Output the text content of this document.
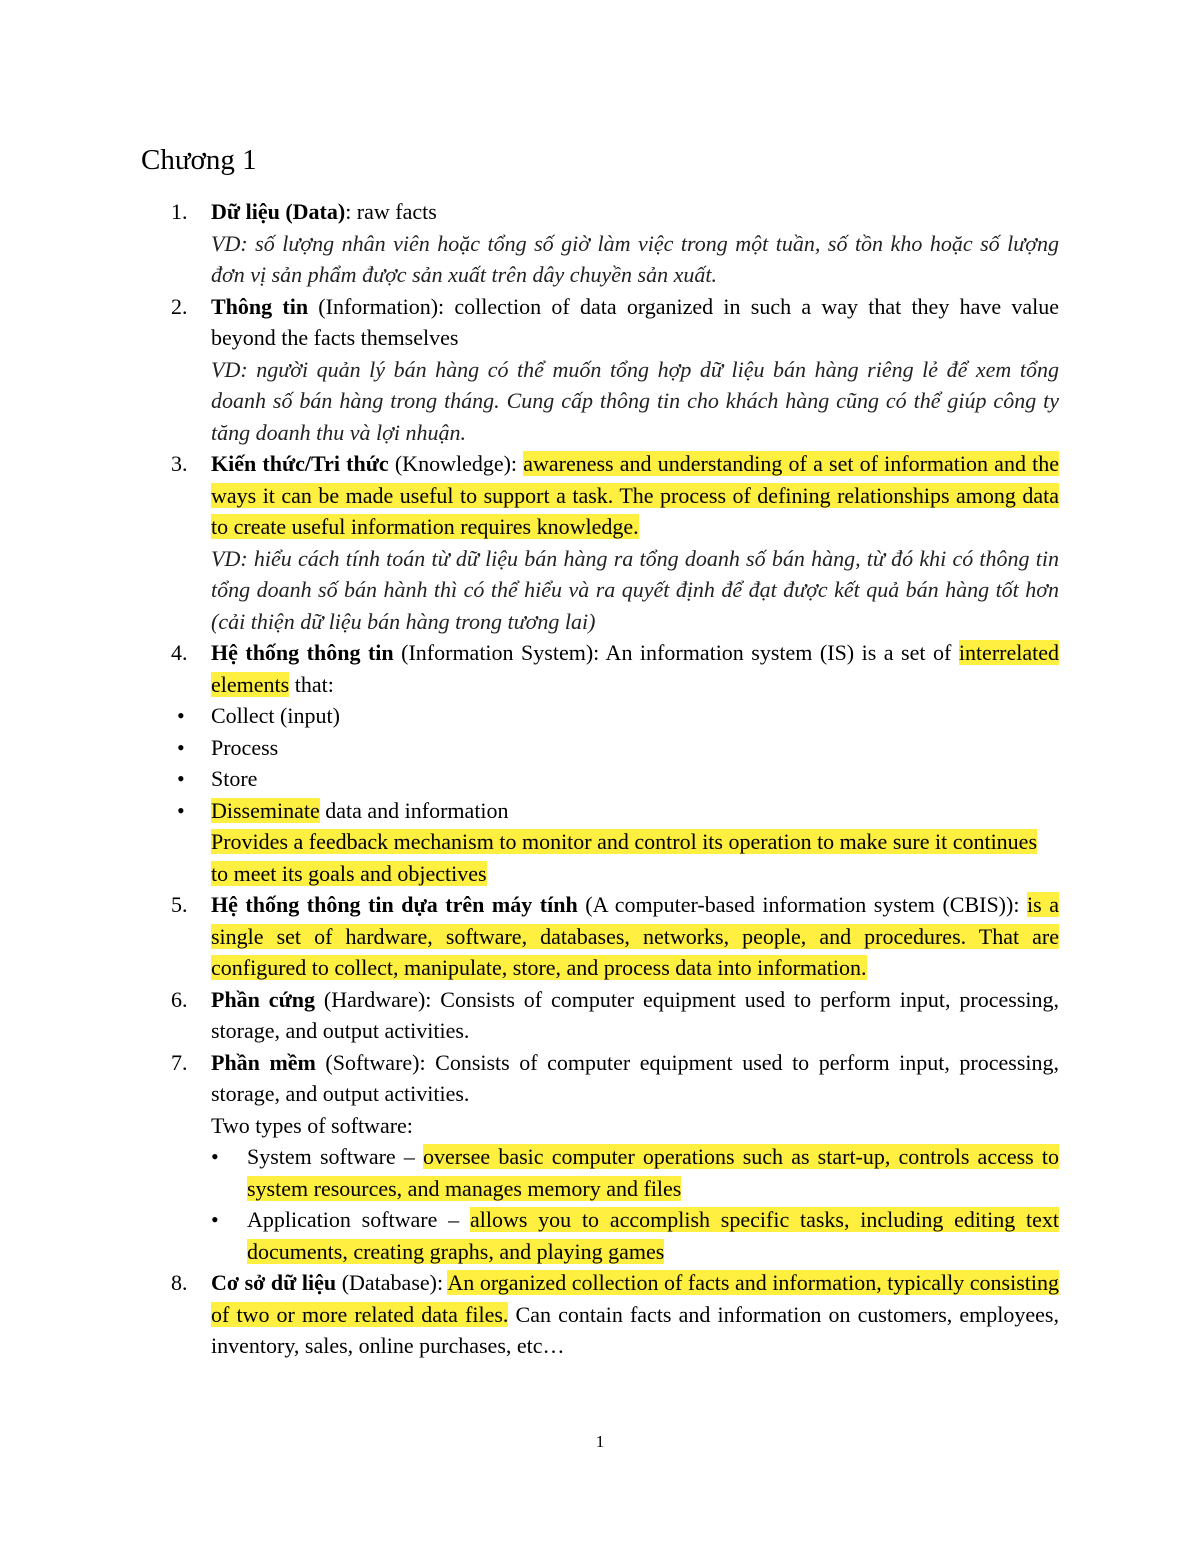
Chương 1
1. Dữ liệu (Data): raw facts
VD: số lượng nhân viên hoặc tổng số giờ làm việc trong một tuần, số tồn kho hoặc số lượng đơn vị sản phẩm được sản xuất trên dây chuyền sản xuất.
2. Thông tin (Information): collection of data organized in such a way that they have value beyond the facts themselves
VD: người quản lý bán hàng có thể muốn tổng hợp dữ liệu bán hàng riêng lẻ để xem tổng doanh số bán hàng trong tháng. Cung cấp thông tin cho khách hàng cũng có thể giúp công ty tăng doanh thu và lợi nhuận.
3. Kiến thức/Tri thức (Knowledge): awareness and understanding of a set of information and the ways it can be made useful to support a task. The process of defining relationships among data to create useful information requires knowledge.
VD: hiểu cách tính toán từ dữ liệu bán hàng ra tổng doanh số bán hàng, từ đó khi có thông tin tổng doanh số bán hành thì có thể hiểu và ra quyết định để đạt được kết quả bán hàng tốt hơn (cải thiện dữ liệu bán hàng trong tương lai)
4. Hệ thống thông tin (Information System): An information system (IS) is a set of interrelated elements that:
• Collect (input)
• Process
• Store
• Disseminate data and information
Provides a feedback mechanism to monitor and control its operation to make sure it continues to meet its goals and objectives
5. Hệ thống thông tin dựa trên máy tính (A computer-based information system (CBIS)): is a single set of hardware, software, databases, networks, people, and procedures. That are configured to collect, manipulate, store, and process data into information.
6. Phần cứng (Hardware): Consists of computer equipment used to perform input, processing, storage, and output activities.
7. Phần mềm (Software): Consists of computer equipment used to perform input, processing, storage, and output activities.
Two types of software:
• System software – oversee basic computer operations such as start-up, controls access to system resources, and manages memory and files
• Application software – allows you to accomplish specific tasks, including editing text documents, creating graphs, and playing games
8. Cơ sở dữ liệu (Database): An organized collection of facts and information, typically consisting of two or more related data files. Can contain facts and information on customers, employees, inventory, sales, online purchases, etc…
1
